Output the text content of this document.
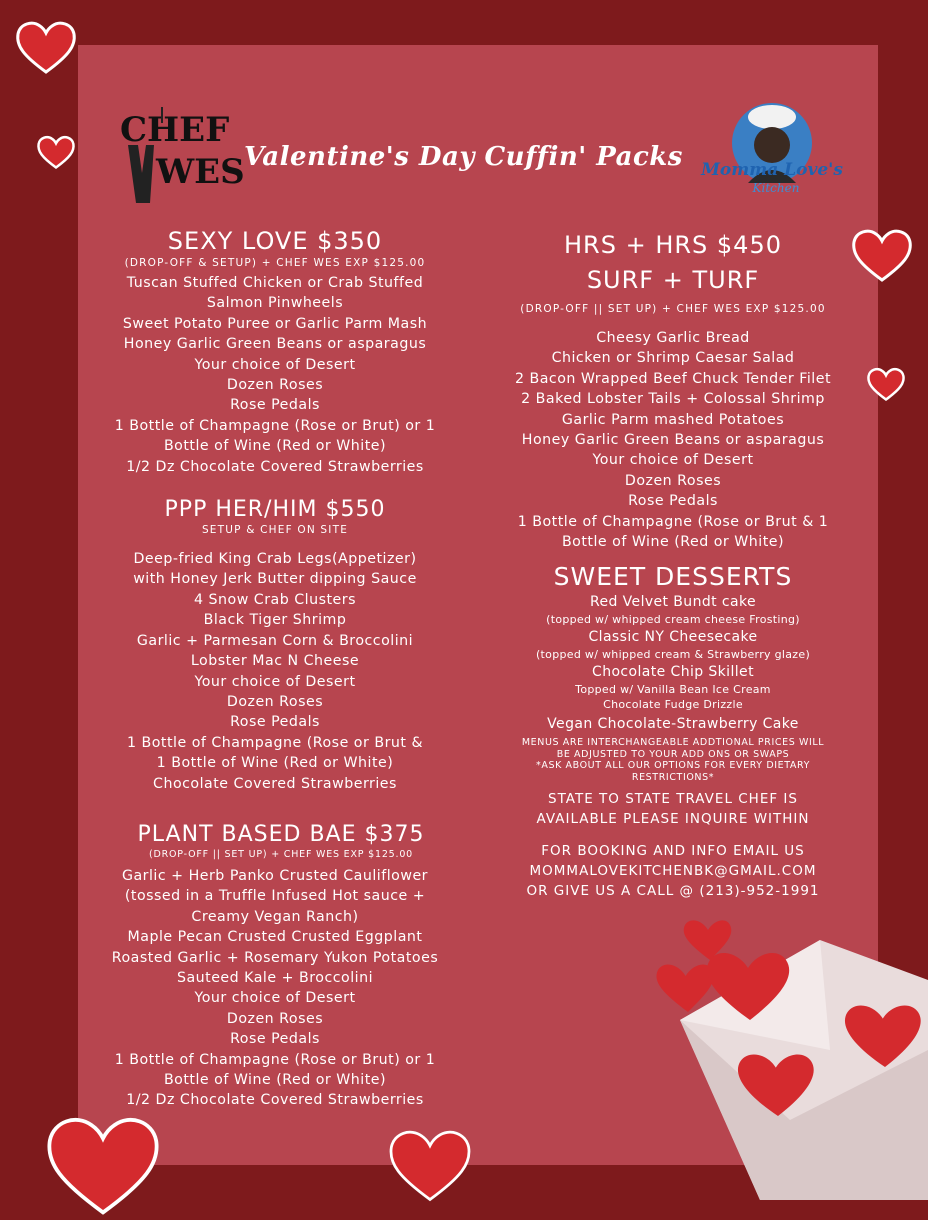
CHEF
WES Valentine's Day Cuffin' Packs Momma Love's
Kitchen
SEXY LOVE $350
(DROP-OFF & SETUP) + CHEF WES EXP $125.00
Tuscan Stuffed Chicken or Crab Stuffed
Salmon Pinwheels
Sweet Potato Puree or Garlic Parm Mash
Honey Garlic Green Beans or asparagus
Your choice of Desert
Dozen Roses
Rose Pedals
1 Bottle of Champagne (Rose or Brut) or 1
Bottle of Wine (Red or White)
1/2 Dz Chocolate Covered Strawberries
PPP HER/HIM $550
SETUP & CHEF ON SITE
Deep-fried King Crab Legs(Appetizer)
with Honey Jerk Butter dipping Sauce
4 Snow Crab Clusters
Black Tiger Shrimp
Garlic + Parmesan Corn & Broccolini
Lobster Mac N Cheese
Your choice of Desert
Dozen Roses
Rose Pedals
1 Bottle of Champagne (Rose or Brut &
1 Bottle of Wine (Red or White)
Chocolate Covered Strawberries
PLANT BASED BAE $375
(DROP-OFF || SET UP) + CHEF WES EXP $125.00
Garlic + Herb Panko Crusted Cauliflower
(tossed in a Truffle Infused Hot sauce +
Creamy Vegan Ranch)
Maple Pecan Crusted Crusted Eggplant
Roasted Garlic + Rosemary Yukon Potatoes
Sauteed Kale + Broccolini
Your choice of Desert
Dozen Roses
Rose Pedals
1 Bottle of Champagne (Rose or Brut) or 1
Bottle of Wine (Red or White)
1/2 Dz Chocolate Covered Strawberries
HRS + HRS $450
SURF + TURF
(DROP-OFF || SET UP) + CHEF WES EXP $125.00
Cheesy Garlic Bread
Chicken or Shrimp Caesar Salad
2 Bacon Wrapped Beef Chuck Tender Filet
2 Baked Lobster Tails + Colossal Shrimp
Garlic Parm mashed Potatoes
Honey Garlic Green Beans or asparagus
Your choice of Desert
Dozen Roses
Rose Pedals
1 Bottle of Champagne (Rose or Brut & 1
Bottle of Wine (Red or White)
SWEET DESSERTS
Red Velvet Bundt cake
(topped w/ whipped cream cheese Frosting)
Classic NY Cheesecake
(topped w/ whipped cream & Strawberry glaze)
Chocolate Chip Skillet
Topped w/ Vanilla Bean Ice Cream
Chocolate Fudge Drizzle
Vegan Chocolate-Strawberry Cake
MENUS ARE INTERCHANGEABLE ADDTIONAL PRICES WILL
BE ADJUSTED TO YOUR ADD ONS OR SWAPS
*ASK ABOUT ALL OUR OPTIONS FOR EVERY DIETARY
RESTRICTIONS*
STATE TO STATE TRAVEL CHEF IS
AVAILABLE PLEASE INQUIRE WITHIN
FOR BOOKING AND INFO EMAIL US
MOMMALOVEKITCHENBK@GMAIL.COM
OR GIVE US A CALL @ (213)-952-1991
